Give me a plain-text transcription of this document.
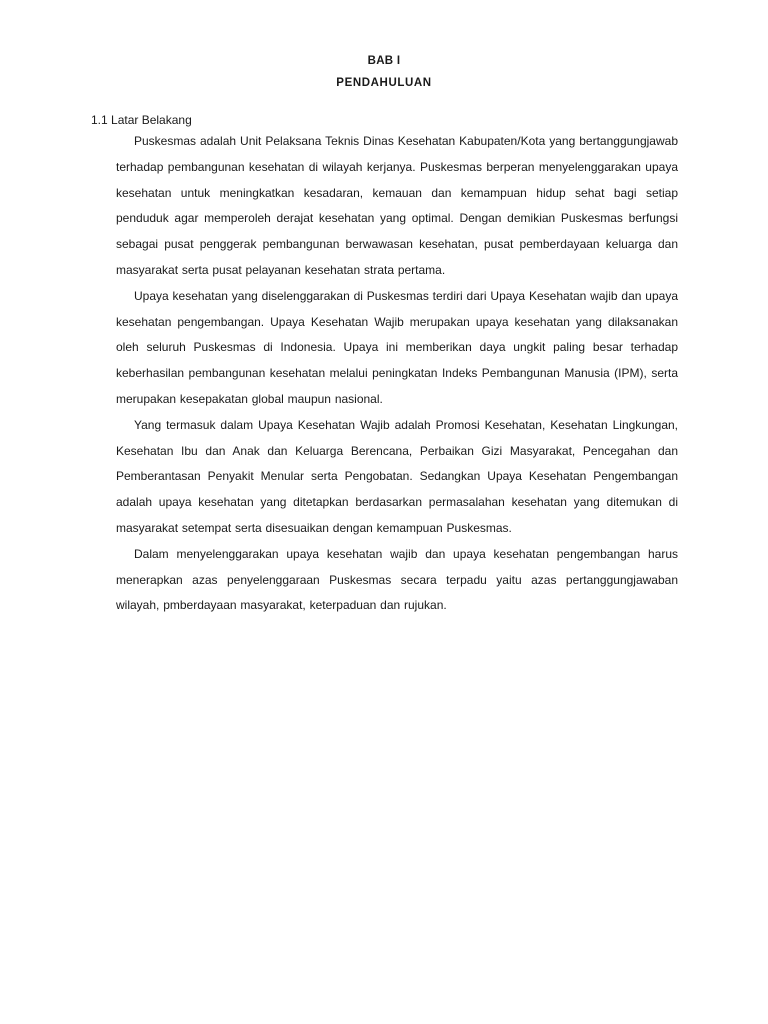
BAB I
PENDAHULUAN
1.1 Latar Belakang

Puskesmas adalah Unit Pelaksana Teknis Dinas Kesehatan Kabupaten/Kota yang bertanggungjawab terhadap pembangunan kesehatan di wilayah kerjanya. Puskesmas berperan menyelenggarakan upaya kesehatan untuk meningkatkan kesadaran, kemauan dan kemampuan hidup sehat bagi setiap penduduk agar memperoleh derajat kesehatan yang optimal. Dengan demikian Puskesmas berfungsi sebagai pusat penggerak pembangunan berwawasan kesehatan, pusat pemberdayaan keluarga dan masyarakat serta pusat pelayanan kesehatan strata pertama.

Upaya kesehatan yang diselenggarakan di Puskesmas terdiri dari Upaya Kesehatan wajib dan upaya kesehatan pengembangan. Upaya Kesehatan Wajib merupakan upaya kesehatan yang dilaksanakan oleh seluruh Puskesmas di Indonesia. Upaya ini memberikan daya ungkit paling besar terhadap keberhasilan pembangunan kesehatan melalui peningkatan Indeks Pembangunan Manusia (IPM), serta merupakan kesepakatan global maupun nasional.

Yang termasuk dalam Upaya Kesehatan Wajib adalah Promosi Kesehatan, Kesehatan Lingkungan, Kesehatan Ibu dan Anak dan Keluarga Berencana, Perbaikan Gizi Masyarakat, Pencegahan dan Pemberantasan Penyakit Menular serta Pengobatan. Sedangkan Upaya Kesehatan Pengembangan adalah upaya kesehatan yang ditetapkan berdasarkan permasalahan kesehatan yang ditemukan di masyarakat setempat serta disesuaikan dengan kemampuan Puskesmas.

Dalam menyelenggarakan upaya kesehatan wajib dan upaya kesehatan pengembangan harus menerapkan azas penyelenggaraan Puskesmas secara terpadu yaitu azas pertanggungjawaban wilayah, pmberdayaan masyarakat, keterpaduan dan rujukan.
